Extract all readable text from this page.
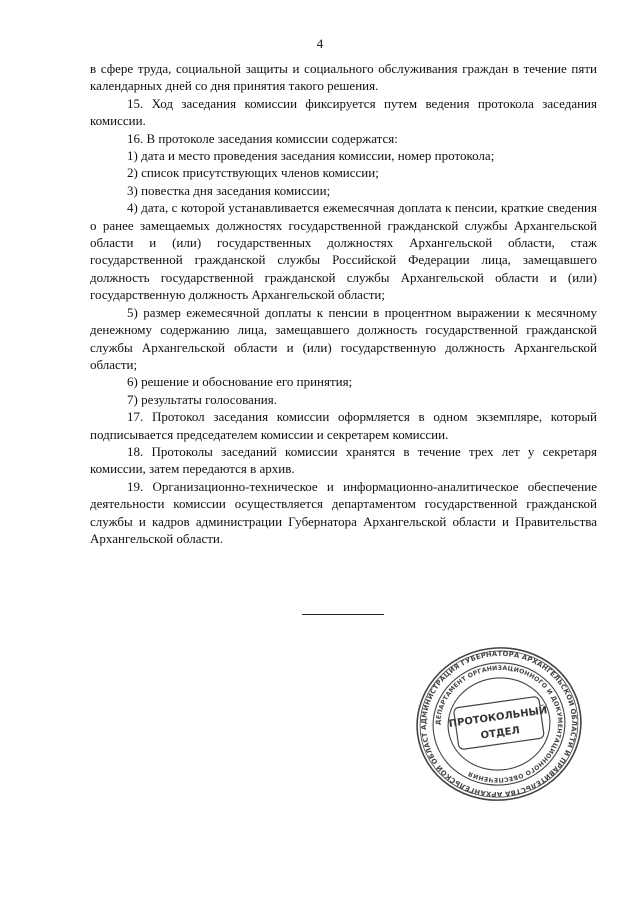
4

в сфере труда, социальной защиты и социального обслуживания граждан в течение пяти календарных дней со дня принятия такого решения.

15. Ход заседания комиссии фиксируется путем ведения протокола заседания комиссии.

16. В протоколе заседания комиссии содержатся:

1) дата и место проведения заседания комиссии, номер протокола;

2) список присутствующих членов комиссии;

3) повестка дня заседания комиссии;

4) дата, с которой устанавливается ежемесячная доплата к пенсии, краткие сведения о ранее замещаемых должностях государственной гражданской службы Архангельской области и (или) государственных должностях Архангельской области, стаж государственной гражданской службы Российской Федерации лица, замещавшего должность государственной гражданской службы Архангельской области и (или) государственную должность Архангельской области;

5) размер ежемесячной доплаты к пенсии в процентном выражении к месячному денежному содержанию лица, замещавшего должность государственной гражданской службы Архангельской области и (или) государственную должность Архангельской области;

6) решение и обоснование его принятия;

7) результаты голосования.

17. Протокол заседания комиссии оформляется в одном экземпляре, который подписывается председателем комиссии и секретарем комиссии.

18. Протоколы заседаний комиссии хранятся в течение трех лет у секретаря комиссии, затем передаются в архив.

19. Организационно-техническое и информационно-аналитическое обеспечение деятельности комиссии осуществляется департаментом государственной гражданской службы и кадров администрации Губернатора Архангельской области и Правительства Архангельской области.

АДМИНИСТРАЦИЯ ГУБЕРНАТОРА АРХАНГЕЛЬСКОЙ ОБЛАСТИ И ПРАВИТЕЛЬСТВА АРХАНГЕЛЬСКОЙ ОБЛАСТИ
ДЕПАРТАМЕНТ ОРГАНИЗАЦИОННОГО И ДОКУМЕНТАЦИОННОГО ОБЕСПЕЧЕНИЯ
ПРОТОКОЛЬНЫЙ
ОТДЕЛ
